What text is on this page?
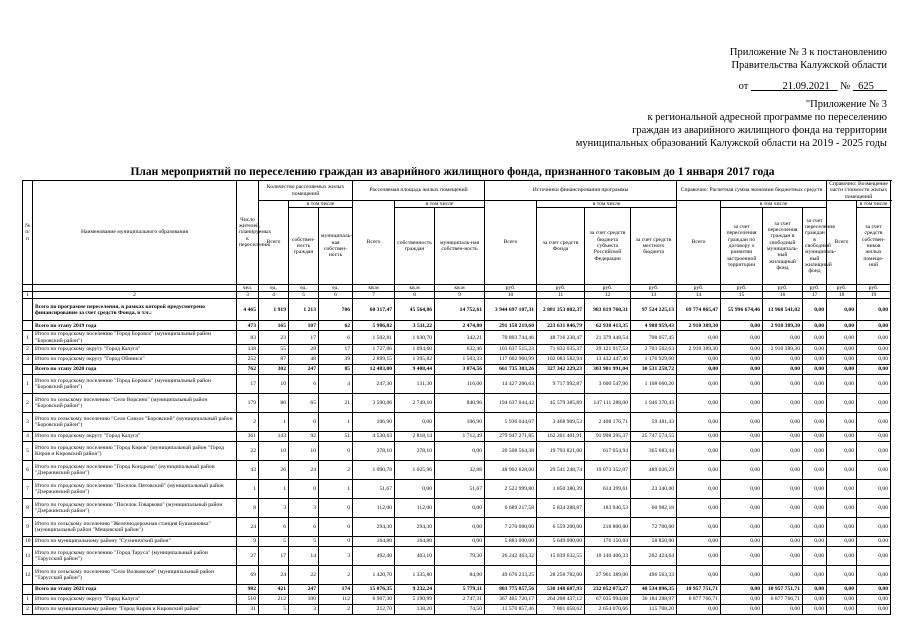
Приложение № 3 к постановлению
Правительства Калужской области
от	21.09.2021 № 625
"Приложение № 3
к региональной адресной программе по переселению
граждан из аварийного жилищного фонда на территории
муниципальных образований Калужской области на 2019 - 2025 годы
План мероприятий по переселению граждан из аварийного жилищного фонда, признанного таковым до 1 января 2017 года
№ п/п	Наименование муниципального образования	Число жителей, планируемых к переселению	Количество расселяемых жилых помещений			Расселяемая площадь жилых помещений			Источники финансирования программы				Справочно: Расчетная сумма экономии бюджетных средств				Справочно: Возмещение части стоимости жилых помещений		
			Всего	в том числе		Всего	в том числе		Всего	в том числе			Всего	в том числе			Всего	в том числе	
				собствен-ность граждан	муниципаль-ная собствен-ность		собственность граждан	муниципаль-ная собствен-ность		за счет средств Фонда	за счет средств бюджета субъекта Российской Федерации	за счет средств местного бюджета		за счет переселения граждан по договору о развитии застроенной территории	за счет переселения граждан в свободный муниципаль-ный жилищный фонд	за счет переселения граждан в свободный муниципаль-ный жилищный фонд		за счет средств собствен-ников жилых помеще-ний	
		чел.	ед.	ед.	ед.	кв.м	кв.м	кв.м	руб.	руб.	руб.	руб.	руб.	руб.	руб.	руб.	руб.	руб.	
1	2	3	4	5	6	7	8	9	10	11	12	13	14	15	16	17	18	19	
	Всего по программе переселения, в рамках которой предусмотрено финансирование за счет средств Фонда, в т.ч.:	4 465	1 919	1 213	706	60 317,47	45 564,86	14 752,61	3 944 697 107,31	2 881 353 002,37	983 819 760,31	97 524 225,13	69 774 865,47	55 996 674,46	13 968 541,02	0,00	0,00	0,00	
	Всего по этапу 2019 года	473	165	107	62	5 986,02	3 511,22	2 474,80	291 158 219,60	223 631 846,79	62 938 413,35	4 988 959,43	2 910 389,30	0,00	2 910 389,30	0,00	0,00	0,00	
1	Итого по городскому поселению "Город Боровск" (муниципальный район "Боровский район")	83	23	17	6	1 502,81	1 030,70	342,21	70 803 744,46	48 716 238,47	21 379 448,54	708 057,45	0,00	0,00	0,00	0,00	0,00	0,00	
2	Итого по городскому округу "Город Калуга"	138	55	28	17	1 727,06	1 094,60	632,46	103 637 515,23	71 832 035,37	29 121 917,53	2 703 562,63	2 910 389,30	0,00	2 910 389,30	0,00	0,00	0,00	
3	Итого по городскому округу "Город Обнинск"	252	87	48	39	2 899,15	1 395,82	1 503,33	117 602 960,99	102 083 582,94	13 432 447,46	1 176 929,60	0,00	0,00	0,00	0,00	0,00	0,00	
	Всего по этапу 2020 года	762	302	247	85	12 483,00	9 408,44	3 074,56	661 735 303,26	327 342 229,23	303 901 991,04	30 531 258,72	0,00	0,00	0,00	0,00	0,00	0,00	
1	Итого по городскому поселению "Город Боровск" (муниципальный район "Боровский район")	17	10	6	4	247,30	131,30	116,00	14 427 200,63	9 717 992,87	3 600 547,96	1 108 660,20	0,00	0,00	0,00	0,00	0,00	0,00	
2	Итого по сельскому поселению "Село Ворсино" (муниципальный район "Боровский район")	179	86	65	21	3 590,06	2 749,10	840,96	194 637 044,42	45 579 385,89	147 111 288,00	1 946 370,43	0,00	0,00	0,00	0,00	0,00	0,00	
3	Итого по сельскому поселению "Село Совхоз "Боровский" (муниципальный район "Боровский район")	2	1	0	1	106,90	0,00	106,90	5 936 044,07	3 468 909,53	2 408 176,71	59 481,43	0,00	0,00	0,00	0,00	0,00	0,00	
4	Итого по городскому округу "Город Калуга"	361	143	92	51	4 530,63	2 818,14	1 712,49	279 947 271,85	162 201 401,91	91 998 295,37	25 747 574,55	0,00	0,00	0,00	0,00	0,00	0,00	
5	Итого по городскому поселению "Город Киров" (муниципальный район "Город Киров и Кировский район")	22	10	10	0	378,10	378,10	0,00	20 508 564,38	19 793 821,00	617 054,94	365 683,44	0,00	0,00	0,00	0,00	0,00	0,00	
6	Итого по городскому поселению "Город Кондрово" (муниципальный район "Дзержинский район")	43	26	24	2	1 090,78	1 025,96	32,88	48 902 628,00	29 541 248,74	19 073 352,07	489 026,29	0,00	0,00	0,00	0,00	0,00	0,00	
7	Итого по городскому поселению "Поселок Пятовский" (муниципальный район "Дзержинский район")	1	1	0	1	51,67	0,00	51,67	2 523 999,80	1 850 380,39	614 399,61	23 340,00	0,00	0,00	0,00	0,00	0,00	0,00	
8	Итого по городскому поселению "Поселок Товарково" (муниципальный район "Дзержинский район")	8	3	3	0	112,00	112,00	0,00	6 689 217,58	5 834 288,87	183 946,53	60 982,18	0,00	0,00	0,00	0,00	0,00	0,00	
9	Итого по сельскому поселению "Железнодорожная станция Бушмановка" (муниципальный район "Мещовский район")	24	6	6	0	294,30	294,30	0,00	7 270 000,00	6 559 200,00	218 800,00	72 700,00	0,00	0,00	0,00	0,00	0,00	0,00	
10	Итого по муниципальному району "Сухиничский район"	9	5	5	0	164,80	164,80	0,00	5 883 000,00	5 649 000,00	176 150,04	58 850,00	0,00	0,00	0,00	0,00	0,00	0,00	
11	Итого по городскому поселению "Город Таруса" (муниципальный район "Тарусский район")	27	17	14	3	492,40	403,10	79,30	26 242 463,32	15 839 632,55	10 140 406,33	262 424,64	0,00	0,00	0,00	0,00	0,00	0,00	
12	Итого по сельскому поселению "Село Волковское" (муниципальный район "Тарусский район")	69	24	22	2	1 420,70	1 335,80	84,90	49 676 233,25	28 258 782,00	27 961 389,00	496 563,33	0,00	0,00	0,00	0,00	0,00	0,00	
	Всего по этапу 2021 года	982	421	247	174	15 076,35	9 232,24	5 779,11	803 775 857,56	530 148 687,93	232 052 073,27	40 534 096,35	10 957 751,71	0,00	10 957 751,71	0,00	0,00	0,00	
1	Итого по городскому округу "Город Калуга"	510	212	100	112	6 907,30	5 190,99	2 747,31	367 405 720,17	264 208 437,12	67 035 994,08	36 184 288,97	6 877 766,71	0,00	6 877 766,71	0,00	0,00	0,00	
2	Итого по муниципальному району "Город Киров и Кировский район"	31	5	3	2	212,70	138,20	74,50	11 570 857,46	7 801 058,62	2 654 070,66	115 708,20	0,00	0,00	0,00	0,00	0,00	0,00	
